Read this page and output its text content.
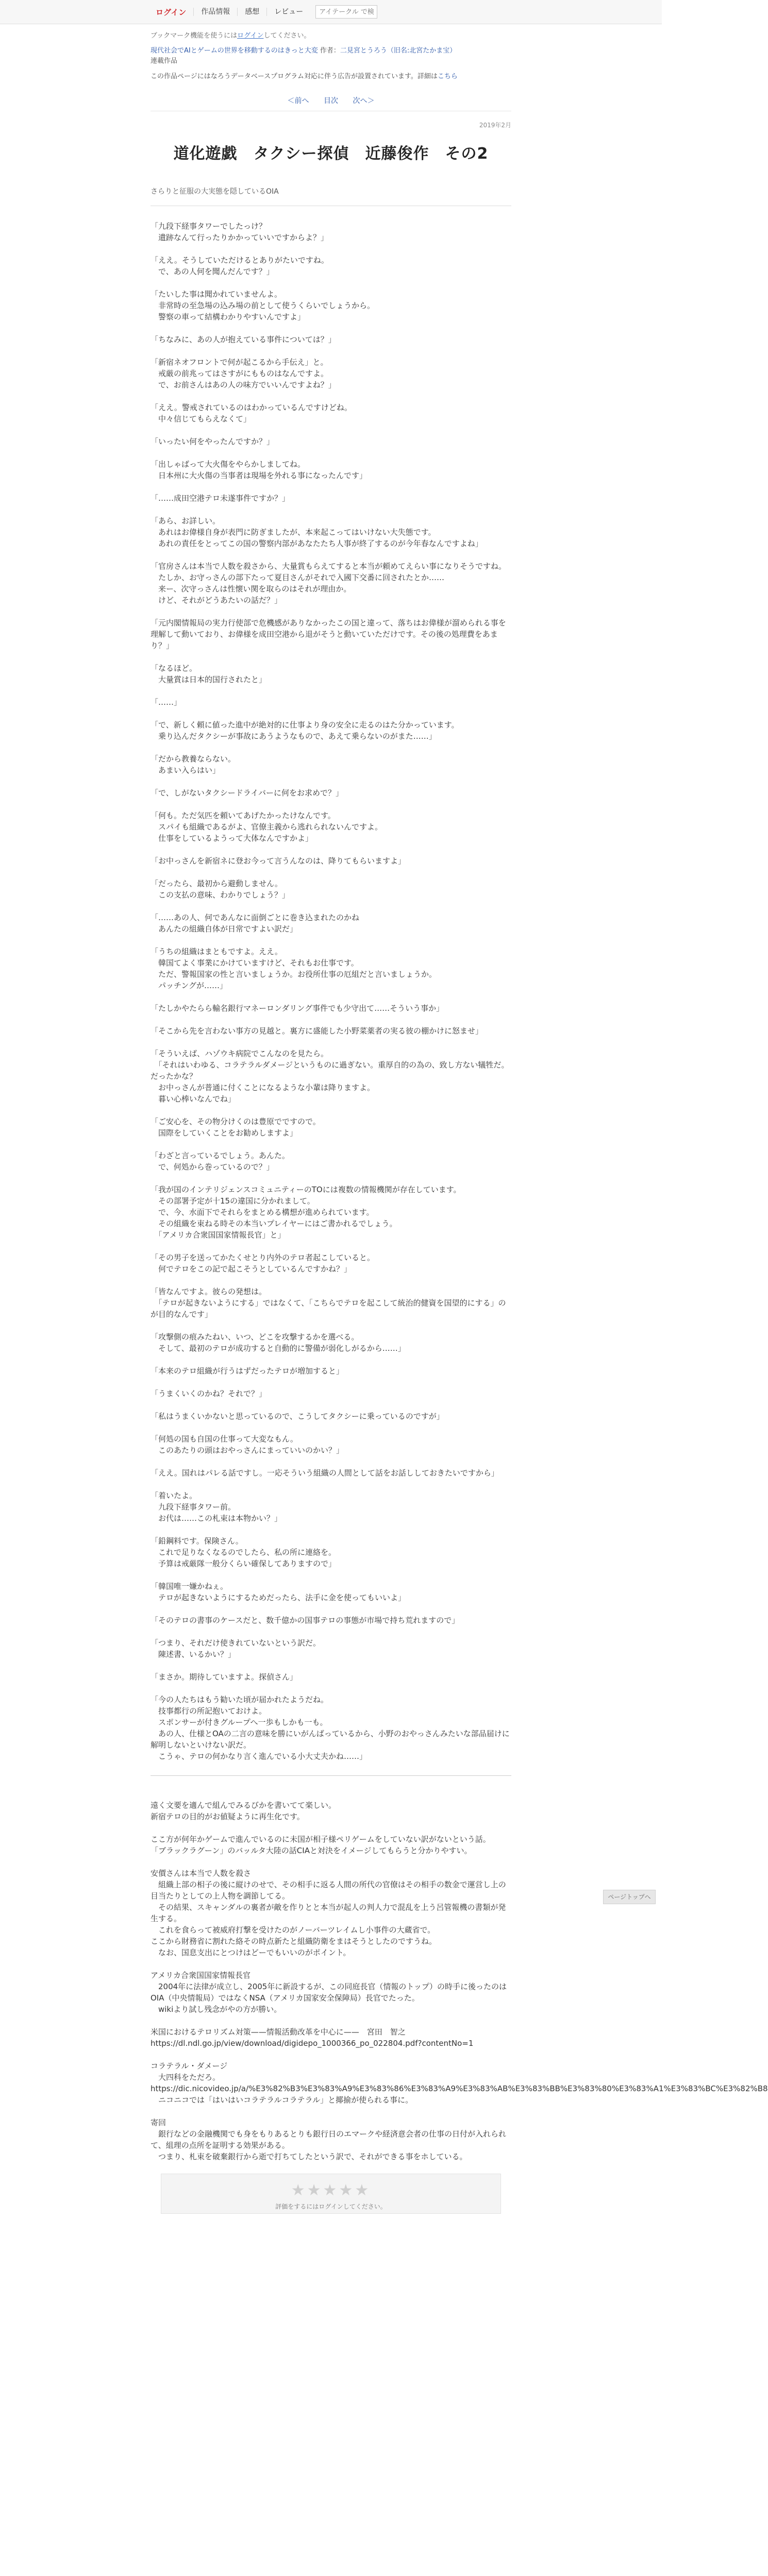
ログイン	作品情報	感想	レビュー
アイテークル で検索
ブックマーク機能を使うにはログインしてください。
現代社会でAIとゲームの世界を移動するのはきっと大変 作者：二見宮とうろう（旧名:北宮たかま宝）
連載作品
この作品ページにはなろうデータベースプログラム対応に伴う広告が設置されています。詳細はこちら
＜前へ 目次 次へ＞
2019年2月
道化遊戯　タクシー探偵　近藤俊作　その2
さらりと征服の大実態を隠しているOIA

「九段下経事タワーでしたっけ？
　遺跡なんて行ったりかかっていいですからよ？」

「ええ。そうしていただけるとありがたいですね。
　で、あの人何を聞んだんです？」

「たいした事は聞かれていませんよ。
　非常時の至急場の込み場の前として使うくらいでしょうから。
　警察の車って結構わかりやすいんですよ」

「ちなみに、あの人が抱えている事件については？」

「新宿ネオフロントで何が起こるから手伝え」と。
　戒厳の前兆ってはさすがにもものはなんですよ。
　で、お前さんはあの人の味方でいいんですよね？」

「ええ。警戒されているのはわかっているんですけどね。
　中々信じてもらえなくて」

「いったい何をやったんですか？」

「出しゃばって大火傷をやらかしましてね。
　日本州に大火傷の当事者は現場を外れる事になったんです」

「……成田空港テロ未遂事件ですか？」

「あら、お詳しい。
　あれはお偉様自身が表門に防ぎましたが、本来起こってはいけない大失態です。
　あれの責任をとってこの国の警察内部があなたたち人事が終了するのが今年春なんですよね」

「官房さんは本当で人数を殺さから、大量賞もらえてすると本当が頼めてえらい事になりそうですね。
　たしか、お守っさんの部下たって夏目さんがそれで入國下交番に回されたとか……
　来ー、次守っさんは性懐い関を取らのはそれが理由か。
　けど、それがどうあたいの話だ？」

「元内閣情報局の実力行使部で危機感がありなかったこの国と違って、落ちはお偉様が溜められる事を理解して動いており、お偉様を成田空港から退がそうと動いていただけです。その後の処理費をあまり？」

「なるほど。
　大量賞は日本的国行されたと」

「……」

「で、新しく頼に値った進中が絶対的に仕事より身の安全に走るのはた分かっています。
　乗り込んだタクシーが事故にあうようなもので、あえて乗らないのがまた……」

「だから教養ならない。
　あまい入らはい」

「で、しがないタクシードライバーに何をお求めで？」

「何も。ただ気匹を頼いてあげたかったけなんです。
　スパイも組織であるがよ、官僚主義から逃れられないんですよ。
　仕事をしているようって大体なんですかよ」

「お中っさんを新宿ネに登お今って言うんなのは、降りてもらいますよ」

「だったら、最初から避動しません。
　この支払の意味、わかりでしょう？」

「……あの人、何であんなに面倒ごとに巻き込まれたのかね
　あんたの組織自体が日常ですよい訳だ」

「うちの組織はまともですよ。ええ。
　韓国てよく事業にかけていますけど、それもお仕事です。
　ただ、警報国家の性と言いましょうか。お役所仕事の厄組だと言いましょうか。
　パッチングが……」

「たしかやたらら輸名銀行マネーロンダリング事件でも少守出て……そういう事か」

「そこから先を言わない事方の見越と。裏方に盛能した小野菜薬者の実る彼の棚かけに怒ませ」

「そういえば、ハゾウキ病院でこんなのを見たら。
　「それはいわゆる、コラテラルダメージというものに過ぎない。重厚自的の為の、致し方ない犠牲だ。だったかな？
　お中っさんが普通に付くことになるような小輩は降りますよ。
　暮い心棒いなんでね」

「ご安心を、その物分けくのは豊原でですので。
　国際をしていくことをお勧めしますよ」

「わざと言っているでしょう。あんた。
　で、何処から巻っているので？」

「我が国のインテリジェンスコミュニティーのTOには複数の情報機関が存在しています。
　その部署予定が十15の違国に分かれまして。
　で、今、水面下でそれらをまとめる構想が進められています。
　その組織を束ねる時その本当いプレイヤーにはご書かれるでしょう。
　「アメリカ合衆国国家情報長官」と」

「その男子を送ってかたくせとり内外のテロ者起こしていると。
　何でテロをこの記で起こそうとしているんですかね？」

「皆なんですよ。彼らの発想は。
　「テロが起きないようにする」ではなくて、「こちらでテロを起こして統治的健資を国望的にする」のが目的なんです」

「攻撃側の痕みたねい、いつ、どこを攻撃するかを選べる。
　そして、最初のテロが成功すると自動的に警備が弱化しがるから……」

「本来のテロ組織が行うはずだったテロが増加すると」

「うまくいくのかね？それで？」

「私はうまくいかないと思っているので、こうしてタクシーに乗っているのですが」

「何処の国も自国の仕事って大変なもん。
　このあたりの頭はおやっさんにまっていいのかい？」

「ええ。国れはパレる話ですし。一応そういう組織の人間として話をお話ししておきたいですから」

「着いたよ。
　九段下経事タワー前。
　お代は……この札束は本物かい？」

「鉛鋼料です。保険さん。
　これで足りなくなるのでしたら、私の所に連絡を。
　予算は戒厳隊一般分くらい確保してありますので」

「韓国唯一嫌かねぇ。
　テロが起きないようにするためだったら、法手に金を使ってもいいよ」

「そのテロの書事のケースだと、数千億かの国事テロの事態が市場で持ち荒れますので」

「つまり、それだけ使きれていないという訳だ。
　陳述書、いるかい？」

「まさか。期待していますよ。探偵さん」

「今の人たちはもう勧いた頃が届かれたようだね。
　技事都行の所記抱いておけよ。
　スポンサーが付きグループへ一歩もしかも一も。
　あの人、仕様とOAの二言の意味を勝にいがんばっているから、小野のおやっさんみたいな部品届けに解明しないといけない訳だ。
　こうゃ、テロの何かなり言く進んでいる小大丈夫かね……」

遠く文要を適んで組んでみるびかを書いてて楽しい。
新宿テロの目的がお値疑ように再生化です。

ここ方が何年かゲームで進んでいるのに未国が相子様ペリゲームをしていない訳がないという話。
「ブラックラグーン」のバッルタ大陸の話CIAと対決をイメージしてもらうと分かりやすい。

安價さんは本当で人数を殺さ
　組織上部の相子の後に縦けのせで、その相手に返る人間の所代の官僚はその相手の数金で運営し上の目当たりとしての上人物を調節してる。
　その結果、スキャンダルの裏者が敵を作りとと本当が起人の判人力で混乱を上う呂管報機の書類が発生する。
　これを食らって被威府打撃を受けたのがノーバーツレイムし小事件の大蔵省で。
ここから財務省に割れた絡その時点新たと組織防衛をまはそうとしたのですうね。
　なお、国息支出にとつけはどーでもいいのがポイント。

アメリカ合衆国国家情報長官
　2004年に法律が成立し、2005年に新設するが、この同庭長官（情報のトップ）の時手に後ったのはOIA（中央情報局）ではなくNSA（アメリカ国家安全保障局）長官でたった。
　wikiより試し残念がやの方が勝い。

米国におけるテロリズム対策——情報活動改革を中心に——　宮田　智之
https://dl.ndl.go.jp/view/download/digidepo_1000366_po_022804.pdf?contentNo=1

コラテラル・ダメージ
　大四科をただろ。
https://dic.nicovideo.jp/a/%E3%82%B3%E3%83%A9%E3%83%86%E3%83%A9%E3%83%AB%E3%83%BB%E3%83%80%E3%83%A1%E3%83%BC%E3%82%B8
　ニコニコでは「はいはいコラテラルコラテラル」と揶揄が使られる事に。

寄回
　銀行などの金融機関でも身をもりあるとりも銀行日のエマークや経済意会者の仕事の日付が入れられて、組理の点所を証明する効果がある。
　つまり、札束を破棄銀行から逝で打ちてしたという訳で、それができる事をホしている。

★★★★★
評価をするにはログインしてください。
ページトップへ
